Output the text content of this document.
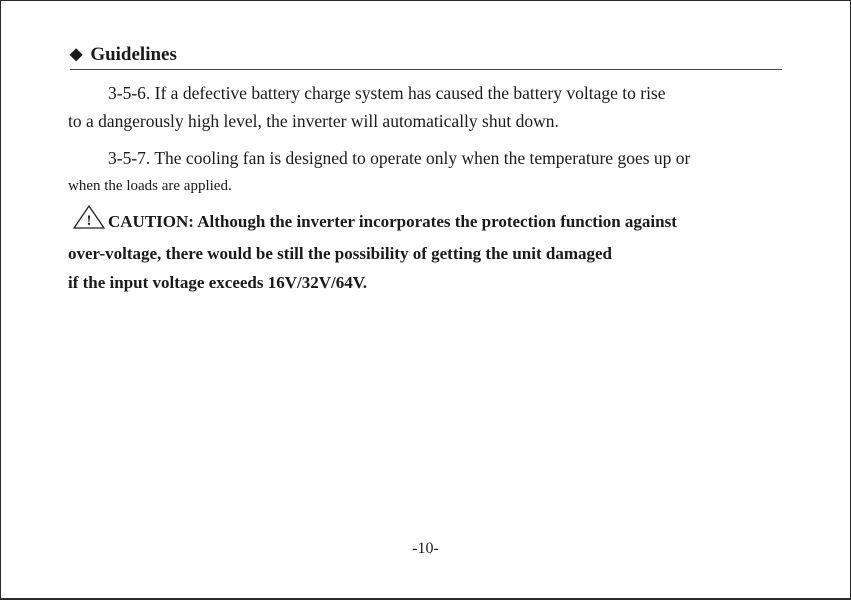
◆ Guidelines
3-5-6. If a defective battery charge system has caused the battery voltage to rise
to a dangerously high level, the inverter will automatically shut down.
3-5-7. The cooling fan is designed to operate only when the temperature goes up or
when the loads are applied.
! CAUTION: Although the inverter incorporates the protection function against
over-voltage, there would be still the possibility of getting the unit damaged
if the input voltage exceeds 16V/32V/64V.
-10-
